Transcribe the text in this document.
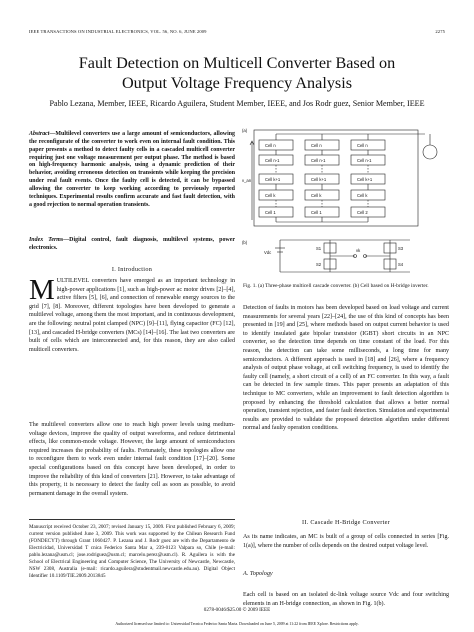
IEEE TRANSACTIONS ON INDUSTRIAL ELECTRONICS, VOL. 56, NO. 6, JUNE 2009	2275
Fault Detection on Multicell Converter Based on
Output Voltage Frequency Analysis
Pablo Lezana, Member, IEEE, Ricardo Aguilera, Student Member, IEEE, and Jos Rodr guez, Senior Member, IEEE
Abstract—Multilevel converters use a large amount of semiconductors, allowing the reconfigurate of the converter to work even on internal fault condition. This paper presents a method to detect faulty cells in a cascaded multicell converter requiring just one voltage measurement per output phase. The method is based on high-frequency harmonic analysis, using a dynamic prediction of their behavior, avoiding erroneous detection on transients while keeping the precision under real fault events. Once the faulty cell is detected, it can be bypassed allowing the converter to keep working according to previously reported techniques. Experimental results confirm accurate and fast fault detection, with a good rejection to normal operation transients.
Index Terms—Digital control, fault diagnosis, multilevel systems, power electronics.
I. Introduction
MULTILEVEL converters have emerged as an important technology in high-power applications [1], such as high-power ac motor drives [2]–[4], active filters [5], [6], and connection of renewable energy sources to the grid [7], [8]. Moreover, different topologies have been developed to generate a multilevel voltage, among them the most important, and in continuous development, are the following: neutral point clamped (NPC) [9]–[11], flying capacitor (FC) [12], [13], and cascaded H-bridge converters (MCs) [14]–[16]. The last two converters are built of cells which are interconnected and, for this reason, they are also called multicell converters.
The multilevel converters allow one to reach high power levels using medium-voltage devices, improve the quality of output waveforms, and reduce detrimental effects, like common-mode voltage. However, the large amount of semiconductors required increases the probability of faults. Fortunately, these topologies allow one to reconfigure them to work even under internal fault condition [17]–[20]. Some special configurations based on this concept have been developed, in order to improve the reliability of this kind of converters [21]. However, to take advantage of this property, it is necessary to detect the faulty cell as soon as possible, to avoid permanent damage in the overall system.
Manuscript received October 23, 2007; revised January 15, 2009. First published February 6, 2009; current version published June 3, 2009. This work was supported by the Chilean Research Fund (FONDECYT) through Grant 1060427. P. Lezana and J. Rodr guez are with the Departamento de Electricidad, Universidad T cnica Federico Santa Mar a, 239-0123 Valpara so, Chile (e-mail: pablo.lezana@usm.cl; jose.rodriguez@usm.cl; marcelo.perez@usm.cl). R. Aguilera is with the School of Electrical Engineering and Computer Science, The University of Newcastle, Newcastle, NSW 2308, Australia (e-mail: ricardo.aguilera@studentmail.newcastle.edu.au). Digital Object Identifier 10.1109/TIE.2009.2013845
Cell n
Cell n-1
Cell k+1
Cell k
Cell 1
Cell n
Cell n-1
Cell k+1
Cell k
Cell 1
Cell n
Cell n-1
Cell k+1
Cell k
Cell 2
(a)
v_an
(b)
Vdc
S1
S2
S3
S4
vk
Fig. 1. (a) Three-phase multicell cascade converter. (b) Cell based on H-bridge inverter.
Detection of faults in motors has been developed based on load voltage and current measurements for several years [22]–[24], the use of this kind of concepts has been presented in [19] and [25], where methods based on output current behavior is used to identify insulated gate bipolar transistor (IGBT) short circuits in an NPC converter, so the detection time depends on time constant of the load. For this reason, the detection can take some milliseconds, a long time for many semiconductors. A different approach is used in [18] and [26], where a frequency analysis of output phase voltage, at cell switching frequency, is used to identify the faulty cell (namely, a short circuit of a cell) of an FC converter. In this way, a fault can be detected in few sample times. This paper presents an adaptation of this technique to MC converters, while an improvement to fault detection algorithm is proposed by enhancing the threshold calculation that allows a better normal operation, transient rejection, and faster fault detection. Simulation and experimental results are provided to validate the proposed detection algorithm under different normal and faulty operation conditions.
II. Cascade H-Bridge Converter
As its name indicates, an MC is built of a group of cells connected in series [Fig. 1(a)], where the number of cells depends on the desired output voltage level.
A. Topology
Each cell is based on an isolated dc-link voltage source Vdc and four switching elements in an H-bridge connection, as shown in Fig. 1(b).
0278-0046/$25.00 © 2009 IEEE
Authorized licensed use limited to: Universidad Tecnica Federico Santa Maria. Downloaded on June 5, 2009 at 11:22 from IEEE Xplore. Restrictions apply.
